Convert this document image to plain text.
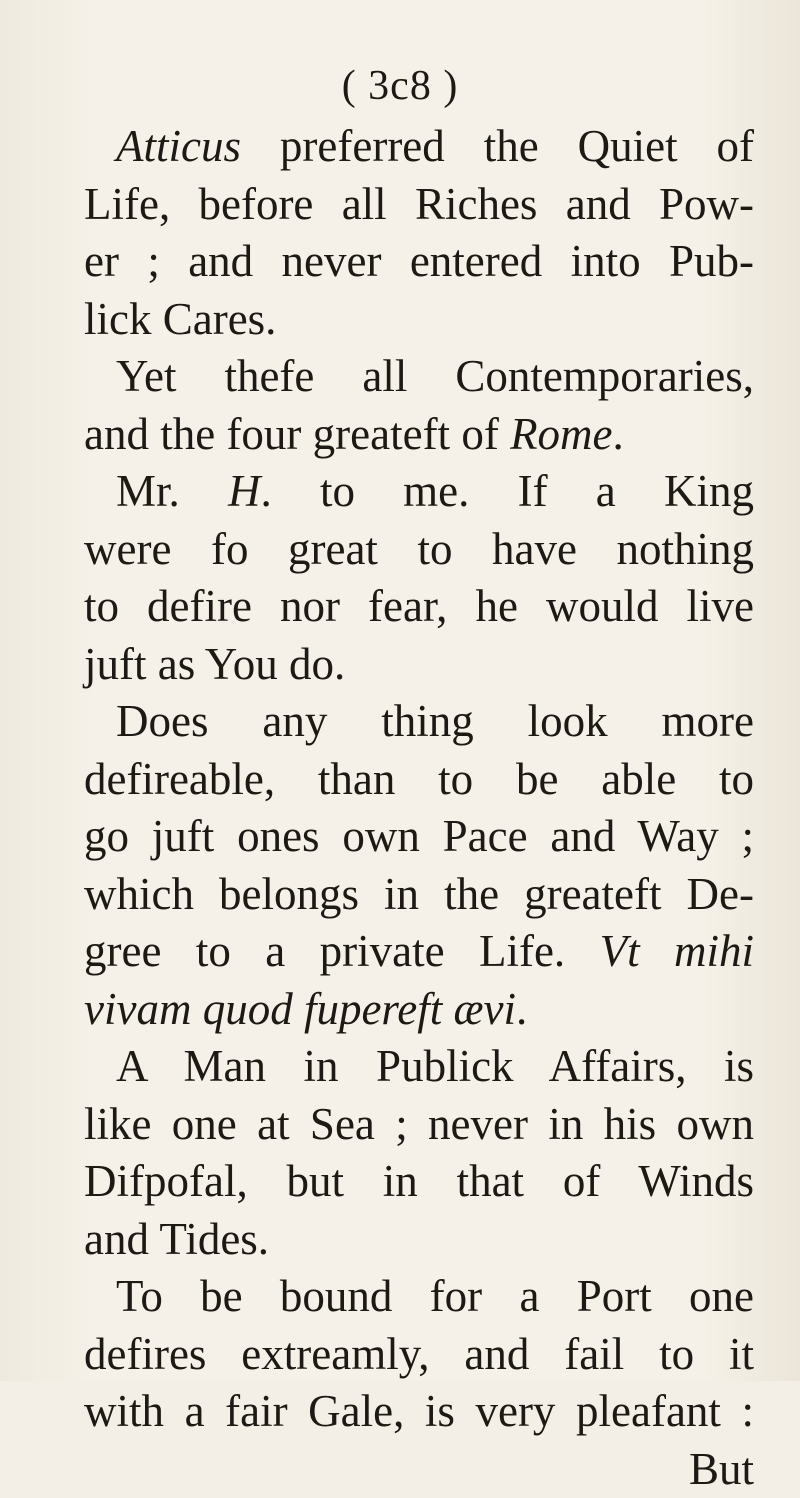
( 3c8 )
Atticus preferred the Quiet of
Life, before all Riches and Pow-
er ; and never entered into Pub-
lick Cares.
Yet thefe all Contemporaries,
and the four greateft of Rome.
Mr. H. to me. If a King
were fo great to have nothing
to defire nor fear, he would live
juft as You do.
Does any thing look more
defireable, than to be able to
go juft ones own Pace and Way ;
which belongs in the greateft De-
gree to a private Life. Vt mihi
vivam quod fupereft ævi.
A Man in Publick Affairs, is
like one at Sea ; never in his own
Difpofal, but in that of Winds
and Tides.
To be bound for a Port one
defires extreamly, and fail to it
with a fair Gale, is very pleafant :
But
